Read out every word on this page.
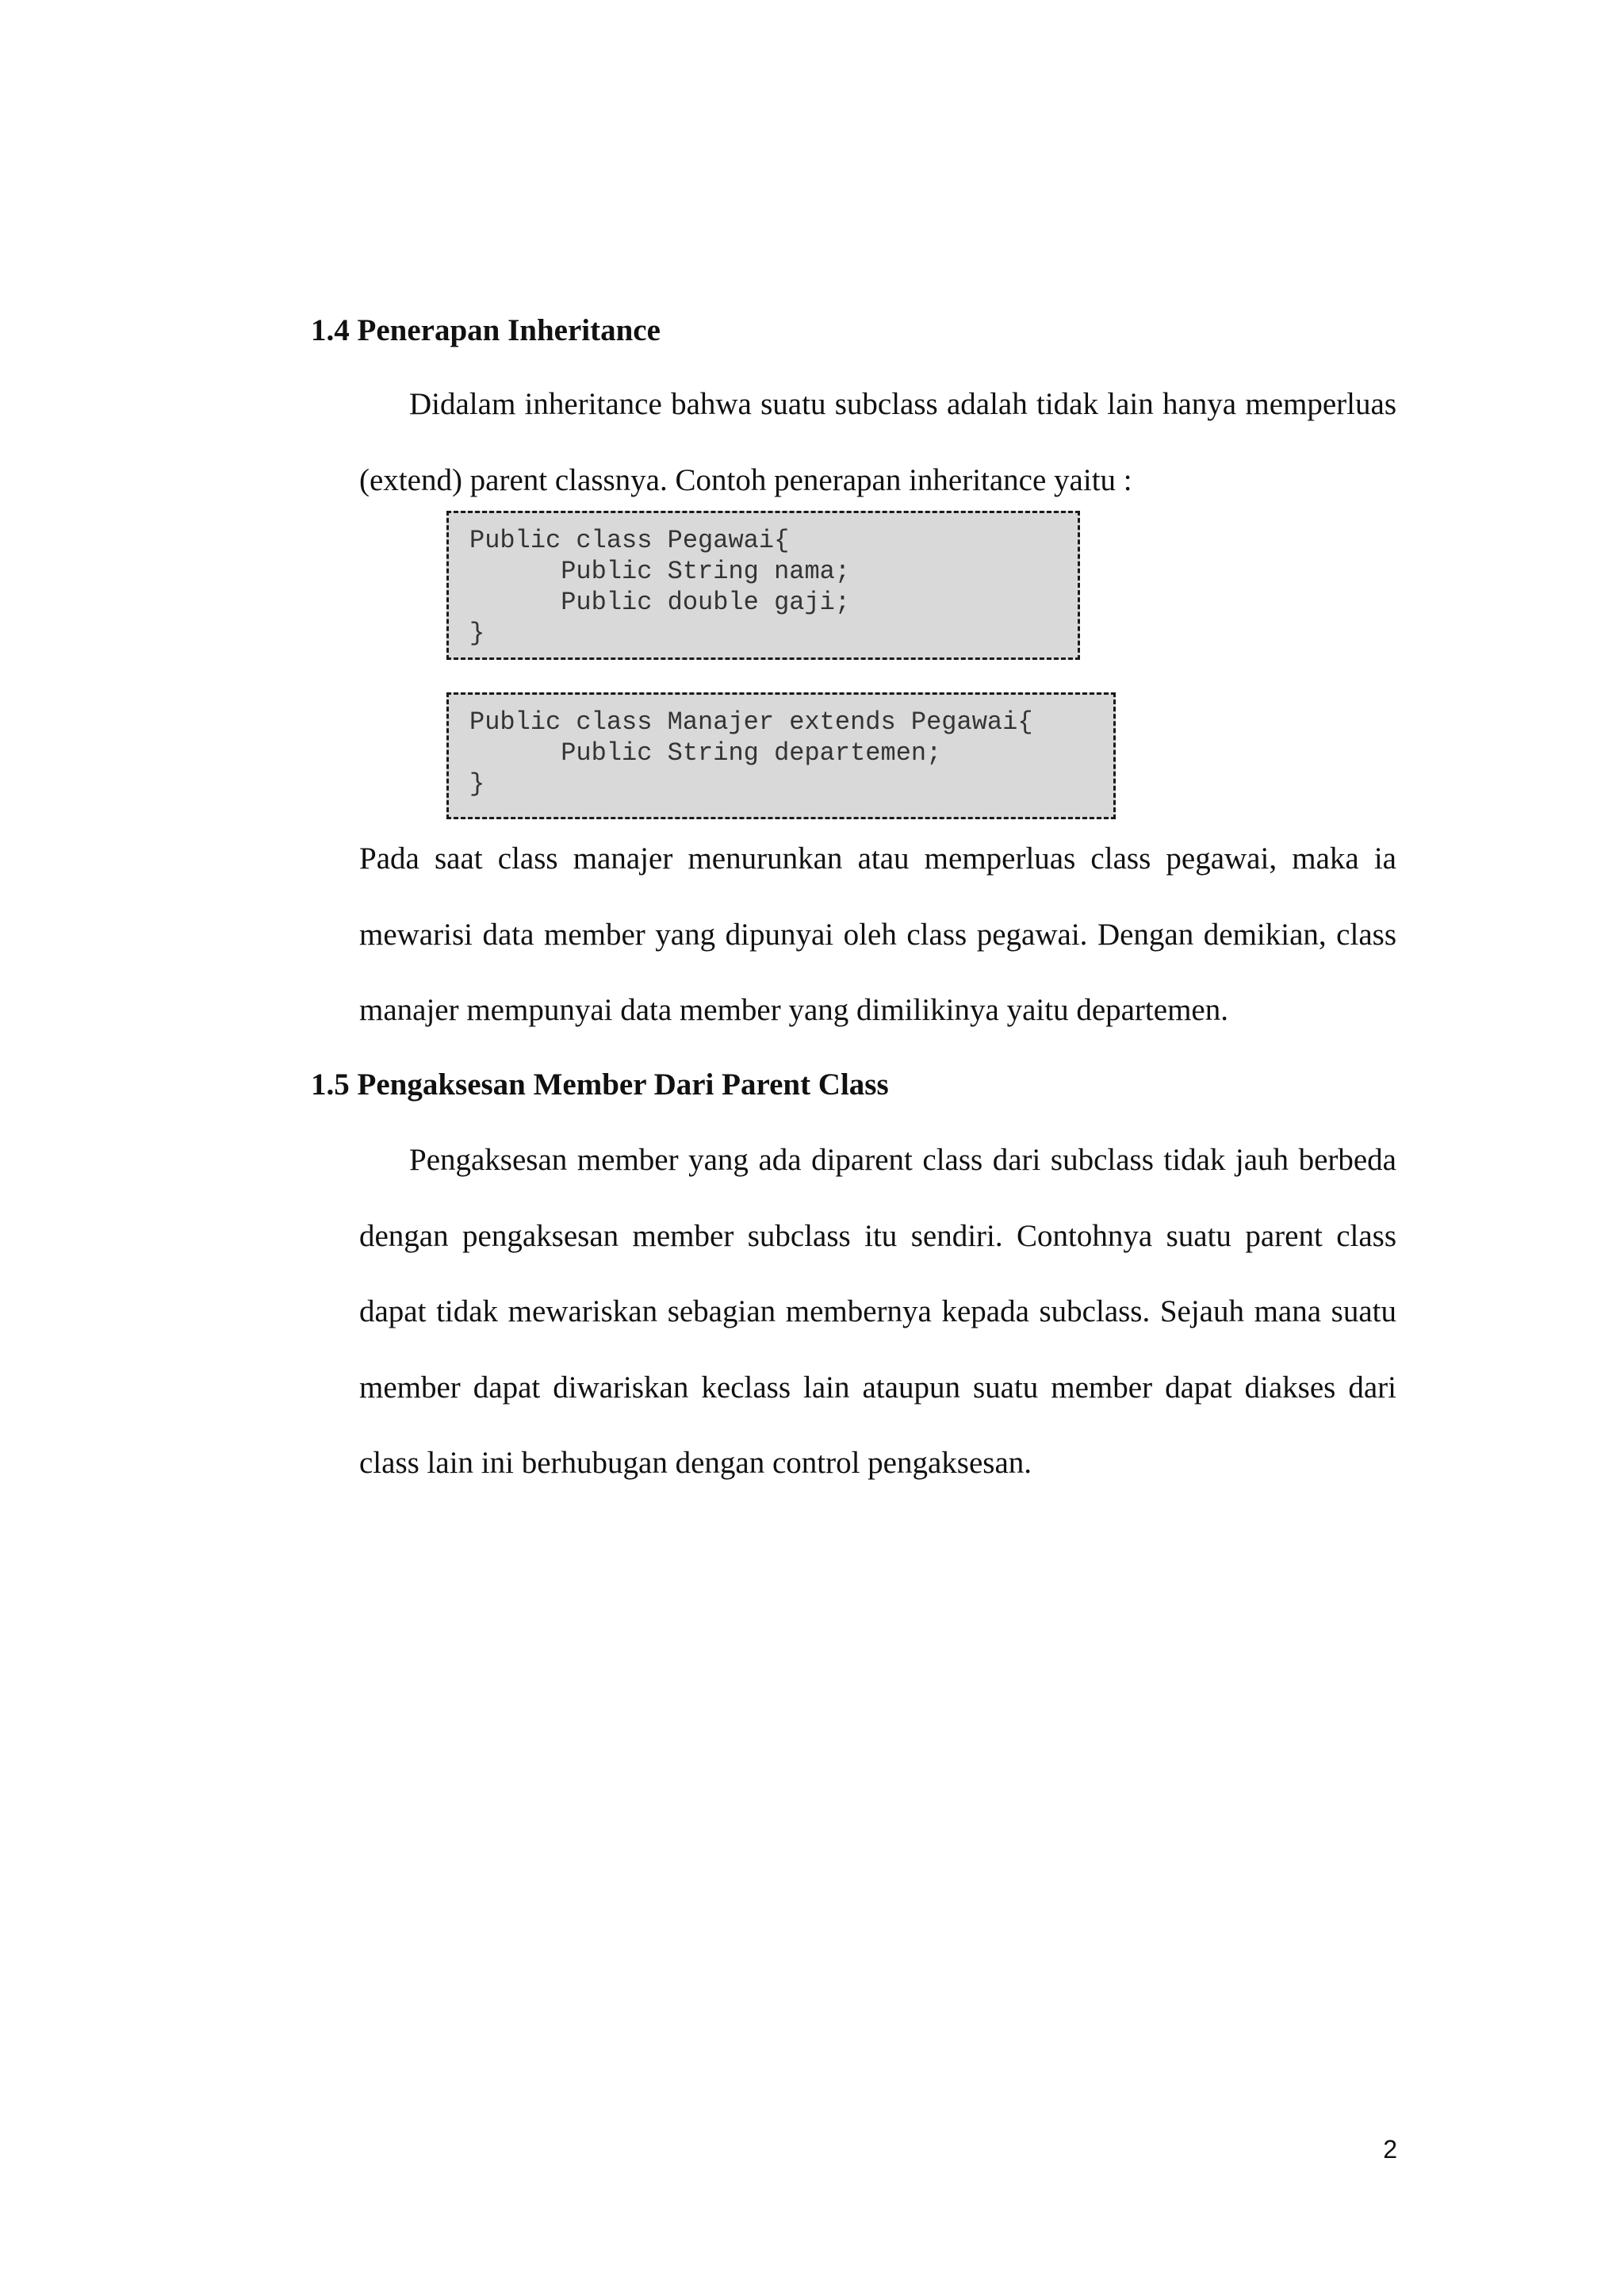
1.4 Penerapan Inheritance

Didalam inheritance bahwa suatu subclass adalah tidak lain hanya memperluas (extend) parent classnya. Contoh penerapan inheritance yaitu :

Public class Pegawai{
Public String nama;
Public double gaji;
}
Public class Manajer extends Pegawai{
Public String departemen;
}

Pada saat class manajer menurunkan atau memperluas class pegawai, maka ia mewarisi data member yang dipunyai oleh class pegawai. Dengan demikian, class manajer mempunyai data member yang dimilikinya yaitu departemen.

1.5 Pengaksesan Member Dari Parent Class

Pengaksesan member yang ada diparent class dari subclass tidak jauh berbeda dengan pengaksesan member subclass itu sendiri. Contohnya suatu parent class dapat tidak mewariskan sebagian membernya kepada subclass. Sejauh mana suatu member dapat diwariskan keclass lain ataupun suatu member dapat diakses dari class lain ini berhubugan dengan control pengaksesan.

2
